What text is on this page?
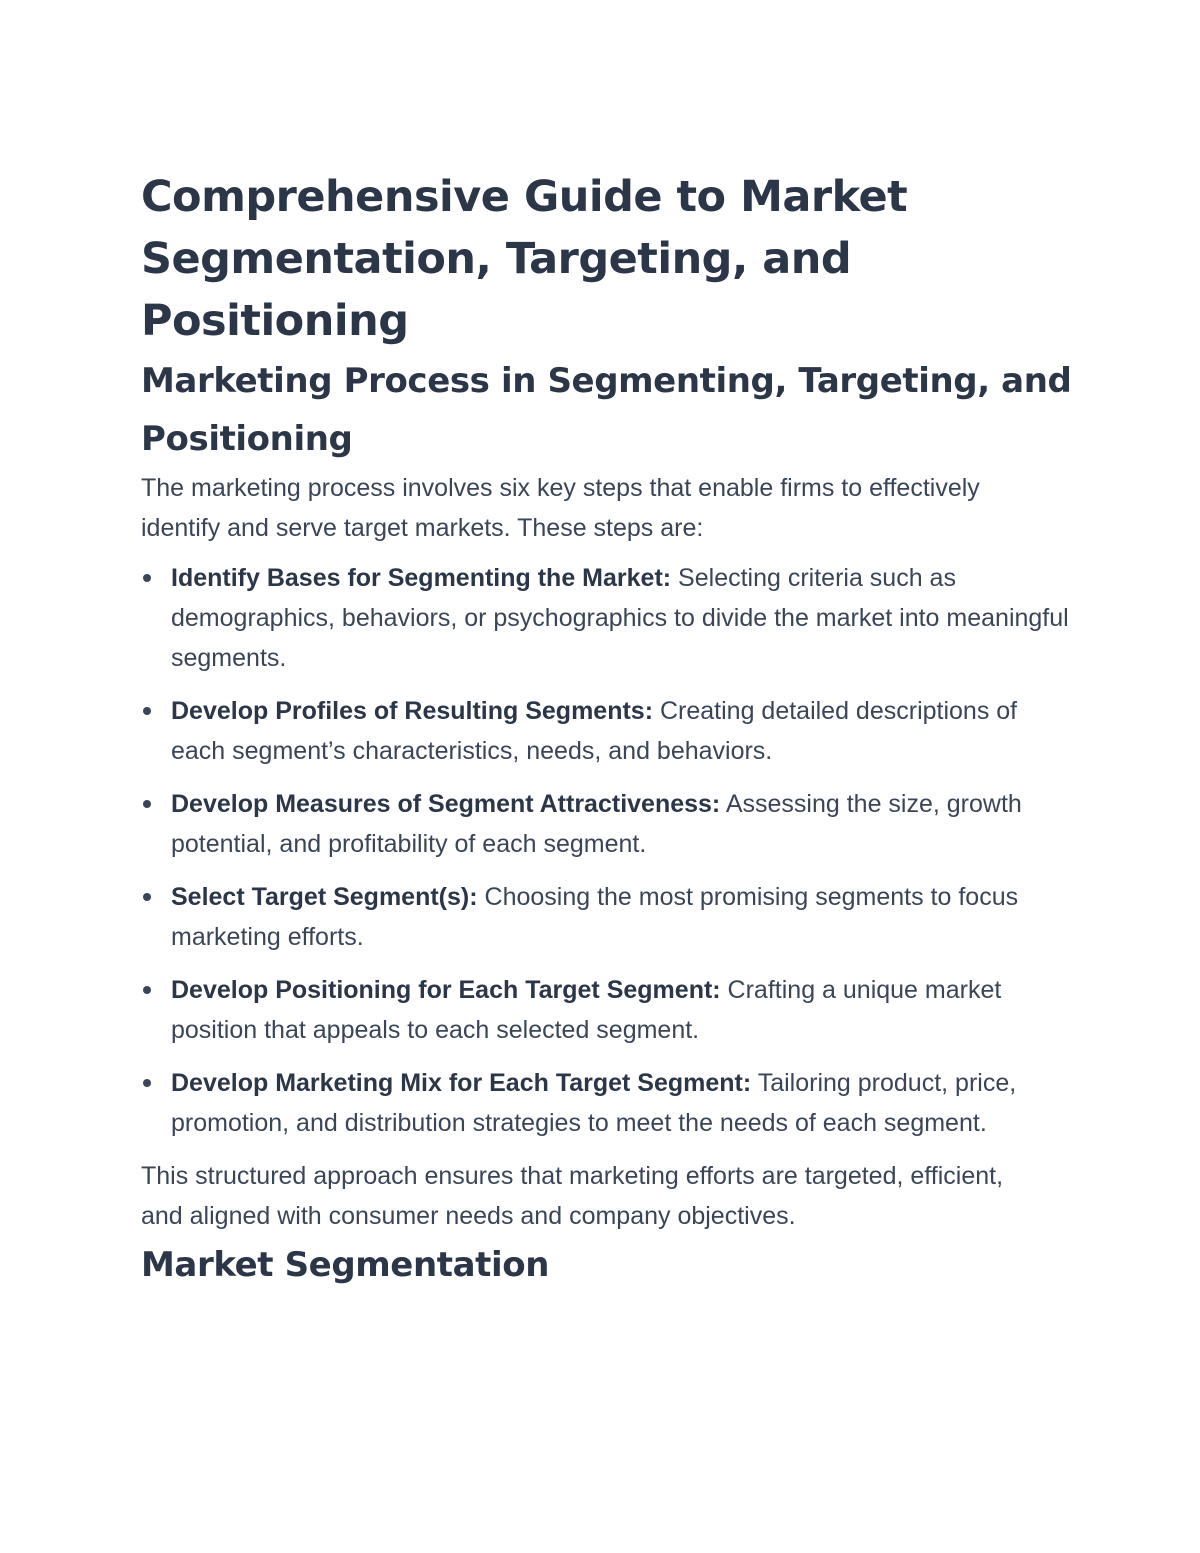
Comprehensive Guide to Market Segmentation, Targeting, and Positioning
Marketing Process in Segmenting, Targeting, and Positioning

The marketing process involves six key steps that enable firms to effectively identify and serve target markets. These steps are:

Identify Bases for Segmenting the Market: Selecting criteria such as demographics, behaviors, or psychographics to divide the market into meaningful segments.
Develop Profiles of Resulting Segments: Creating detailed descriptions of each segment’s characteristics, needs, and behaviors.
Develop Measures of Segment Attractiveness: Assessing the size, growth potential, and profitability of each segment.
Select Target Segment(s): Choosing the most promising segments to focus marketing efforts.
Develop Positioning for Each Target Segment: Crafting a unique market position that appeals to each selected segment.
Develop Marketing Mix for Each Target Segment: Tailoring product, price, promotion, and distribution strategies to meet the needs of each segment.

This structured approach ensures that marketing efforts are targeted, efficient, and aligned with consumer needs and company objectives.

Market Segmentation
